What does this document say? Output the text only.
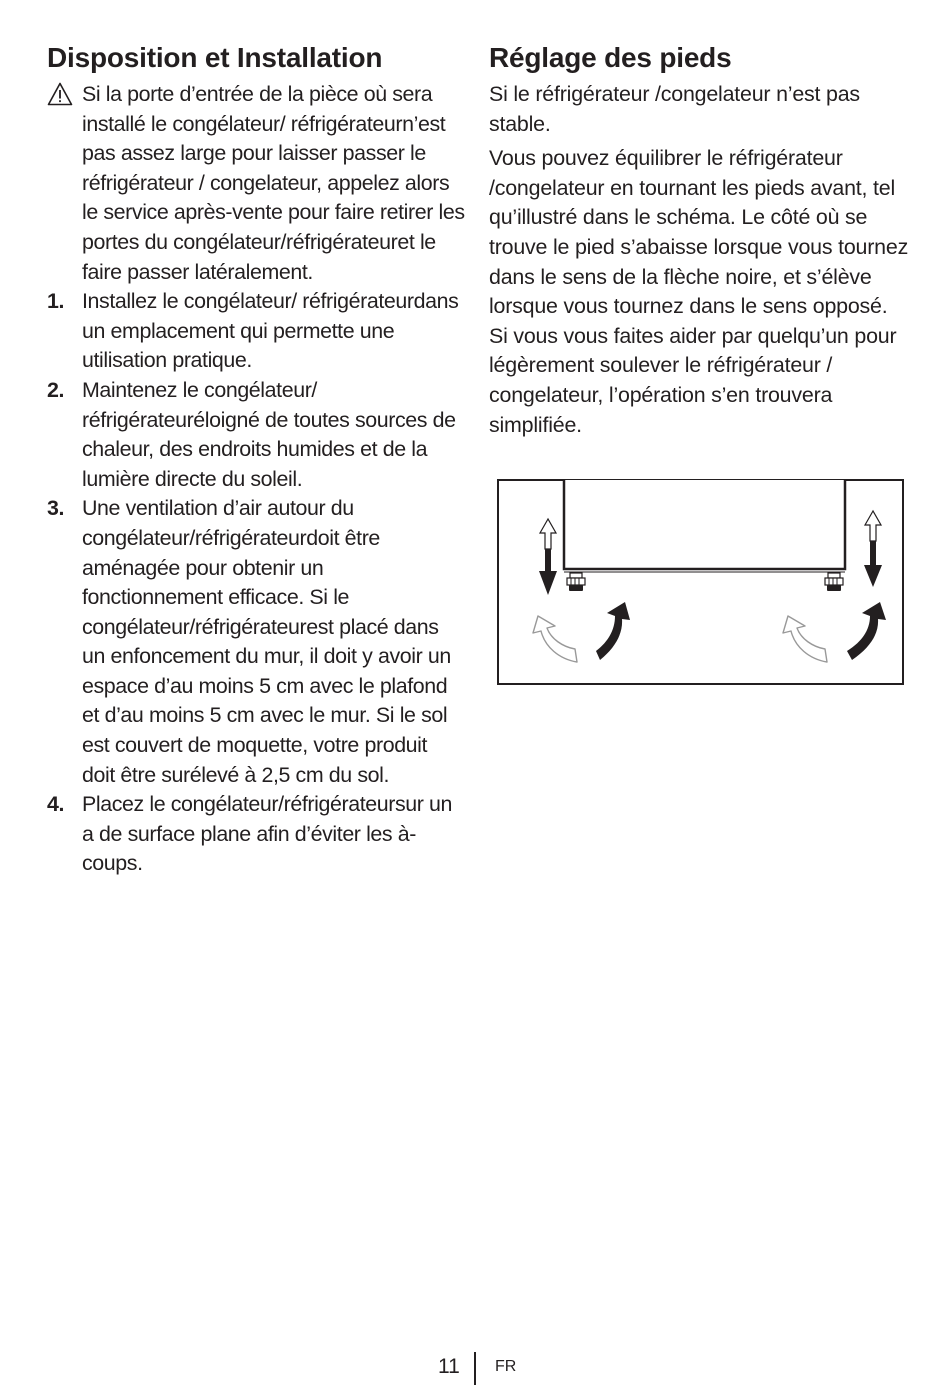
Disposition et Installation
Si la porte d’entrée de la pièce où sera installé le congélateur/ réfrigérateurn’est pas assez large pour laisser passer le réfrigérateur / congelateur, appelez alors le service après-vente pour faire retirer les portes du congélateur/réfrigérateuret le faire passer latéralement.
1. Installez le congélateur/ réfrigérateurdans un emplacement qui permette une utilisation pratique.
2. Maintenez le congélateur/ réfrigérateuréloigné de toutes sources de chaleur, des endroits humides et de la lumière directe du soleil.
3. Une ventilation d’air autour du congélateur/réfrigérateurdoit être aménagée pour obtenir un fonctionnement efficace. Si le congélateur/réfrigérateurest placé dans un enfoncement du mur, il doit y avoir un espace d’au moins 5 cm avec le plafond et d’au moins 5 cm avec le mur. Si le sol est couvert de moquette, votre produit doit être surélevé à 2,5 cm du sol.
4. Placez le congélateur/réfrigérateursur un a de surface plane afin d’éviter les à-coups.
Réglage des pieds

Si le réfrigérateur /congelateur n’est pas stable.

Vous pouvez équilibrer le réfrigérateur /congelateur en tournant les pieds avant, tel qu’illustré dans le schéma. Le côté où se trouve le pied s’abaisse lorsque vous tournez dans le sens de la flèche noire, et s’élève lorsque vous tournez dans le sens opposé. Si vous vous faites aider par quelqu’un pour légèrement soulever le réfrigérateur / congelateur, l’opération s’en trouvera simplifiée.

11 FR
